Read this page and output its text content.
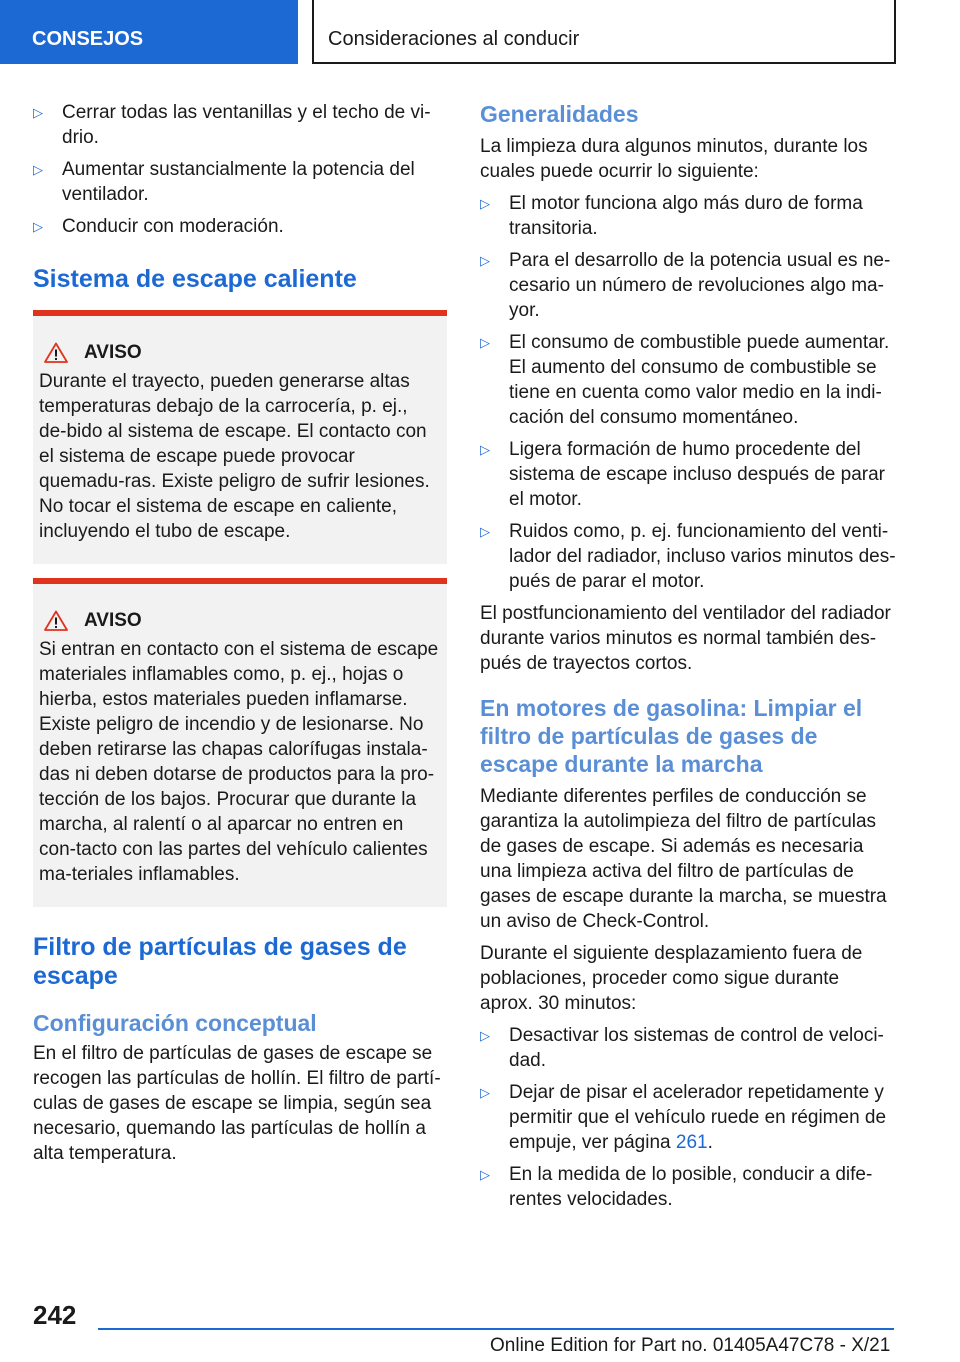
CONSEJOS	Consideraciones al conducir
▷ Cerrar todas las ventanillas y el techo de vi‐drio.
▷ Aumentar sustancialmente la potencia del ventilador.
▷ Conducir con moderación.
Sistema de escape caliente
AVISO

Durante el trayecto, pueden generarse altas temperaturas debajo de la carrocería, p. ej., de‐bido al sistema de escape. El contacto con el sistema de escape puede provocar quemadu‐ras. Existe peligro de sufrir lesiones. No tocar el sistema de escape en caliente, incluyendo el tubo de escape.

AVISO

Si entran en contacto con el sistema de escape materiales inflamables como, p. ej., hojas o hierba, estos materiales pueden inflamarse. Existe peligro de incendio y de lesionarse. No deben retirarse las chapas calorífugas instala‐das ni deben dotarse de productos para la pro‐tección de los bajos. Procurar que durante la marcha, al ralentí o al aparcar no entren en con‐tacto con las partes del vehículo calientes ma‐teriales inflamables.

Filtro de partículas de gases de escape
Configuración conceptual

En el filtro de partículas de gases de escape se recogen las partículas de hollín. El filtro de partí‐culas de gases de escape se limpia, según sea necesario, quemando las partículas de hollín a alta temperatura.

Generalidades

La limpieza dura algunos minutos, durante los cuales puede ocurrir lo siguiente:

▷ El motor funciona algo más duro de forma transitoria.
▷ Para el desarrollo de la potencia usual es ne‐cesario un número de revoluciones algo ma‐yor.
▷ El consumo de combustible puede aumentar. El aumento del consumo de combustible se tiene en cuenta como valor medio en la indi‐cación del consumo momentáneo.
▷ Ligera formación de humo procedente del sistema de escape incluso después de parar el motor.
▷ Ruidos como, p. ej. funcionamiento del venti‐lador del radiador, incluso varios minutos des‐pués de parar el motor.

El postfuncionamiento del ventilador del radiador durante varios minutos es normal también des‐pués de trayectos cortos.

En motores de gasolina: Limpiar el filtro de partículas de gases de escape durante la marcha

Mediante diferentes perfiles de conducción se garantiza la autolimpieza del filtro de partículas de gases de escape. Si además es necesaria una limpieza activa del filtro de partículas de gases de escape durante la marcha, se muestra un aviso de Check-Control.

Durante el siguiente desplazamiento fuera de poblaciones, proceder como sigue durante aprox. 30 minutos:

▷ Desactivar los sistemas de control de veloci‐dad.
▷ Dejar de pisar el acelerador repetidamente y permitir que el vehículo ruede en régimen de empuje, ver página 261.
▷ En la medida de lo posible, conducir a dife‐rentes velocidades.
242
Online Edition for Part no. 01405A47C78 - X/21
